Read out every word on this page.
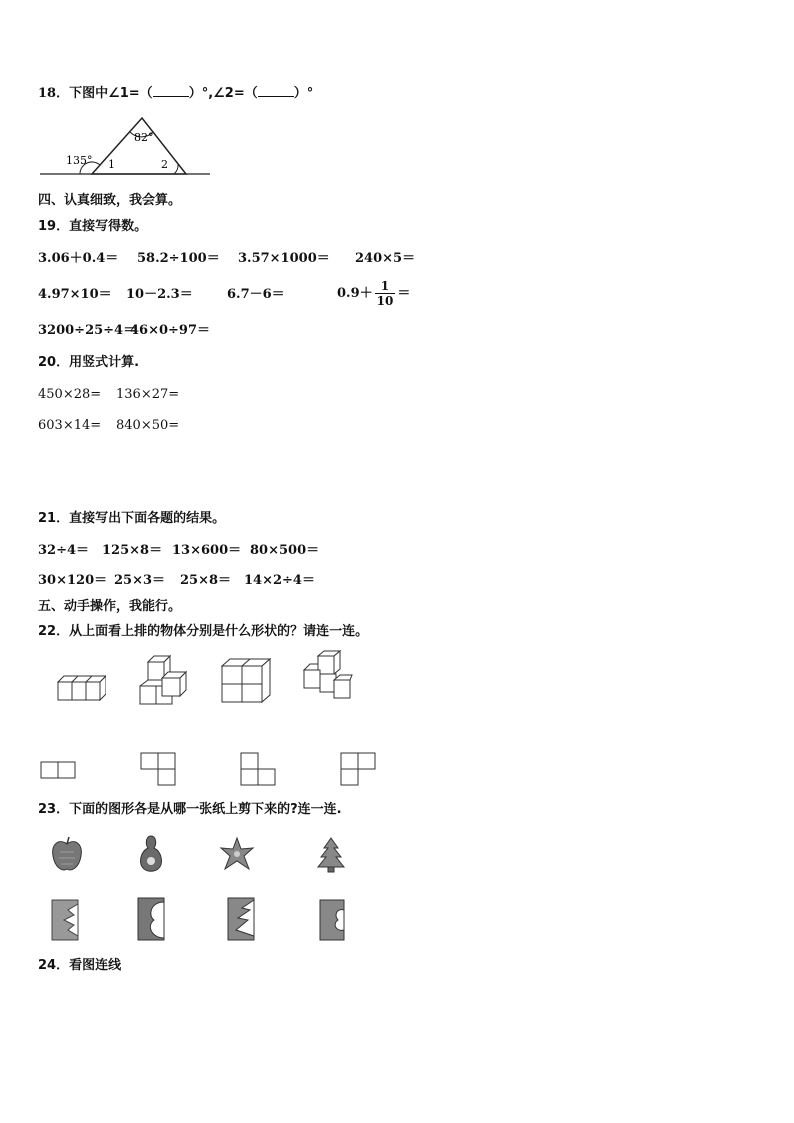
18．下图中∠1=（	）°,∠2=（	）°
82°
135° 1	2
四、认真细致，我会算。
19．直接写得数。
3.06＋0.4＝ 58.2÷100＝ 3.57×1000＝ 240×5＝
4.97×10＝ 10－2.3＝	6.7－6＝	$0.9+ \frac{1}{10}$ ＝
3200÷25÷4＝
46×0÷97＝
20．用竖式计算.
450×28= 136×27=
603×14= 840×50=
21．直接写出下面各题的结果。
32÷4＝ 125×8＝ 13×600＝ 80×500＝
30×120＝ 25×3＝ 25×8＝ 14×2÷4＝
五、动手操作，我能行。
22．从上面看上排的物体分别是什么形状的？请连一连。
23．下面的图形各是从哪一张纸上剪下来的?连一连.
24．看图连线
